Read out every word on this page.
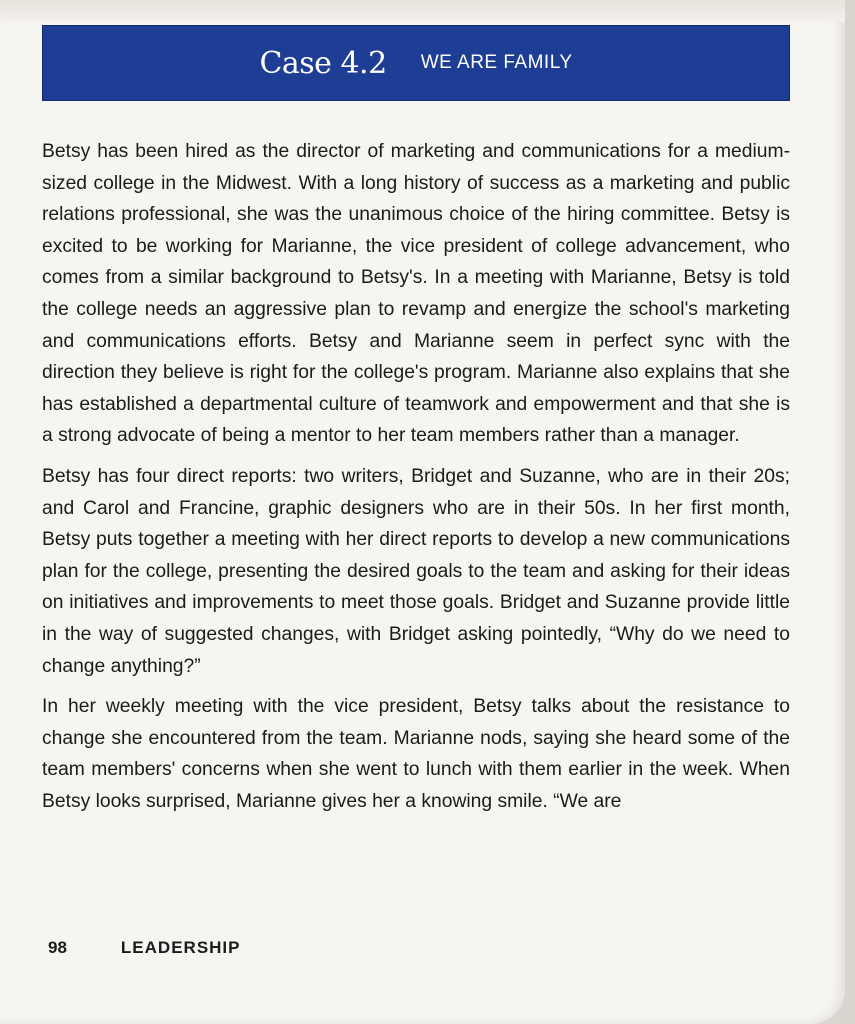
Case 4.2 WE ARE FAMILY

Betsy has been hired as the director of marketing and communications for a medium-sized college in the Midwest. With a long history of success as a marketing and public relations professional, she was the unanimous choice of the hiring committee. Betsy is excited to be working for Marianne, the vice president of college advancement, who comes from a similar background to Betsy's. In a meeting with Marianne, Betsy is told the college needs an aggressive plan to revamp and energize the school's marketing and communications efforts. Betsy and Marianne seem in perfect sync with the direction they believe is right for the college's program. Marianne also explains that she has established a departmental culture of teamwork and empowerment and that she is a strong advocate of being a mentor to her team members rather than a manager.

Betsy has four direct reports: two writers, Bridget and Suzanne, who are in their 20s; and Carol and Francine, graphic designers who are in their 50s. In her first month, Betsy puts together a meeting with her direct reports to develop a new communications plan for the college, presenting the desired goals to the team and asking for their ideas on initiatives and improvements to meet those goals. Bridget and Suzanne provide little in the way of suggested changes, with Bridget asking pointedly, “Why do we need to change anything?”

In her weekly meeting with the vice president, Betsy talks about the resistance to change she encountered from the team. Marianne nods, saying she heard some of the team members' concerns when she went to lunch with them earlier in the week. When Betsy looks surprised, Marianne gives her a knowing smile. “We are

98	LEADERSHIP
